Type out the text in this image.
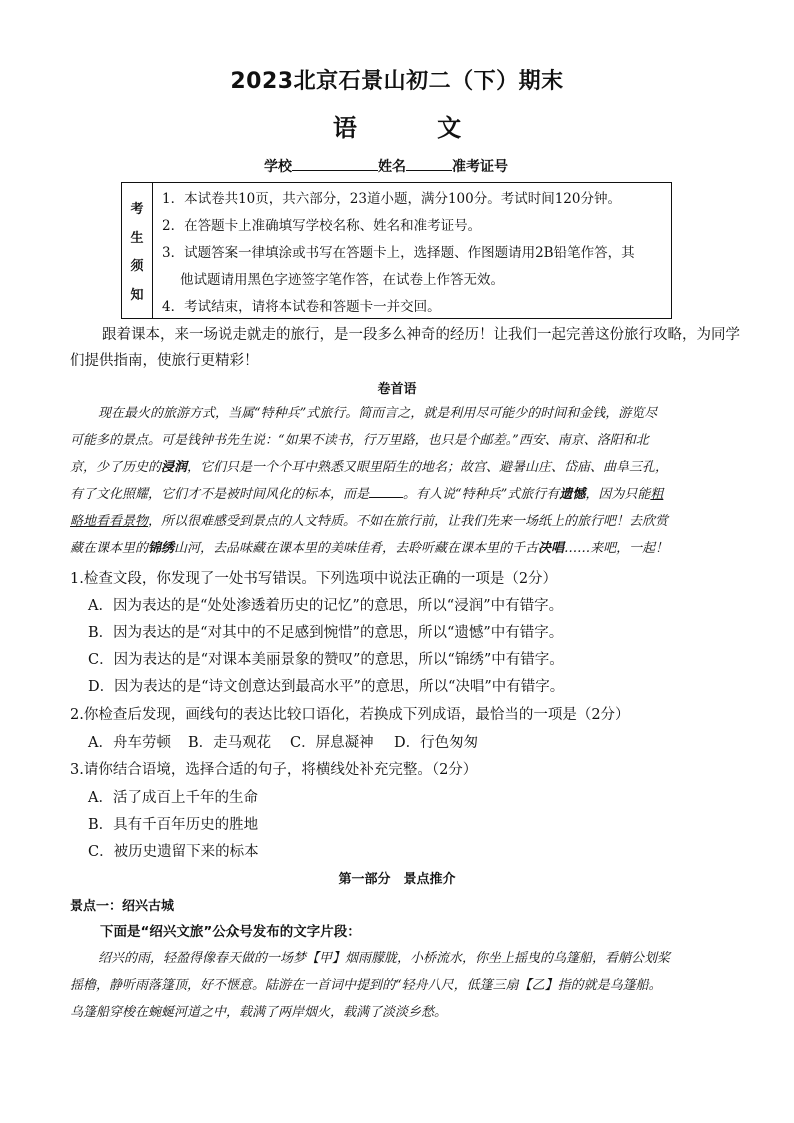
2023北京石景山初二（下）期末
语 文
学校	姓名	准考证号
考
生
须
知
1．本试卷共10页，共六部分，23道小题，满分100分。考试时间120分钟。
2．在答题卡上准确填写学校名称、姓名和准考证号。
3．试题答案一律填涂或书写在答题卡上，选择题、作图题请用2B铅笔作答，其
他试题请用黑色字迹签字笔作答，在试卷上作答无效。
4．考试结束，请将本试卷和答题卡一并交回。
跟着课本，来一场说走就走的旅行，是一段多么神奇的经历！让我们一起完善这份旅行攻略，为同学
们提供指南，使旅行更精彩！
卷首语
现在最火的旅游方式，当属“特种兵”式旅行。简而言之，就是利用尽可能少的时间和金钱，游览尽
可能多的景点。可是钱钟书先生说：“如果不读书，行万里路，也只是个邮差。”西安、南京、洛阳和北
京，少了历史的浸润，它们只是一个个耳中熟悉又眼里陌生的地名；故宫、避暑山庄、岱庙、曲阜三孔，
有了文化照耀，它们才不是被时间风化的标本，而是	。有人说“特种兵”式旅行有遗憾，因为只能粗
略地看看景物，所以很难感受到景点的人文特质。不如在旅行前，让我们先来一场纸上的旅行吧！去欣赏
藏在课本里的锦绣山河，去品味藏在课本里的美味佳肴，去聆听藏在课本里的千古决唱……来吧，一起！
1.检查文段，你发现了一处书写错误。下列选项中说法正确的一项是（2分）
A．因为表达的是“处处渗透着历史的记忆”的意思，所以“浸润”中有错字。
B．因为表达的是“对其中的不足感到惋惜”的意思，所以“遗憾”中有错字。
C．因为表达的是“对课本美丽景象的赞叹”的意思，所以“锦绣”中有错字。
D．因为表达的是“诗文创意达到最高水平”的意思，所以“决唱”中有错字。
2.你检查后发现，画线句的表达比较口语化，若换成下列成语，最恰当的一项是（2分）
A．舟车劳顿 B．走马观花 C．屏息凝神 D．行色匆匆
3.请你结合语境，选择合适的句子，将横线处补充完整。（2分）
A．活了成百上千年的生命
B．具有千百年历史的胜地
C．被历史遗留下来的标本
第一部分　景点推介
景点一：绍兴古城
下面是“绍兴文旅”公众号发布的文字片段：
绍兴的雨，轻盈得像春天做的一场梦【甲】烟雨朦胧，小桥流水，你坐上摇曳的乌篷船，看艄公划桨
摇橹，静听雨落篷顶，好不惬意。陆游在一首词中提到的“轻舟八尺，低篷三扇【乙】指的就是乌篷船。
乌篷船穿梭在蜿蜒河道之中，载满了两岸烟火，载满了淡淡乡愁。
